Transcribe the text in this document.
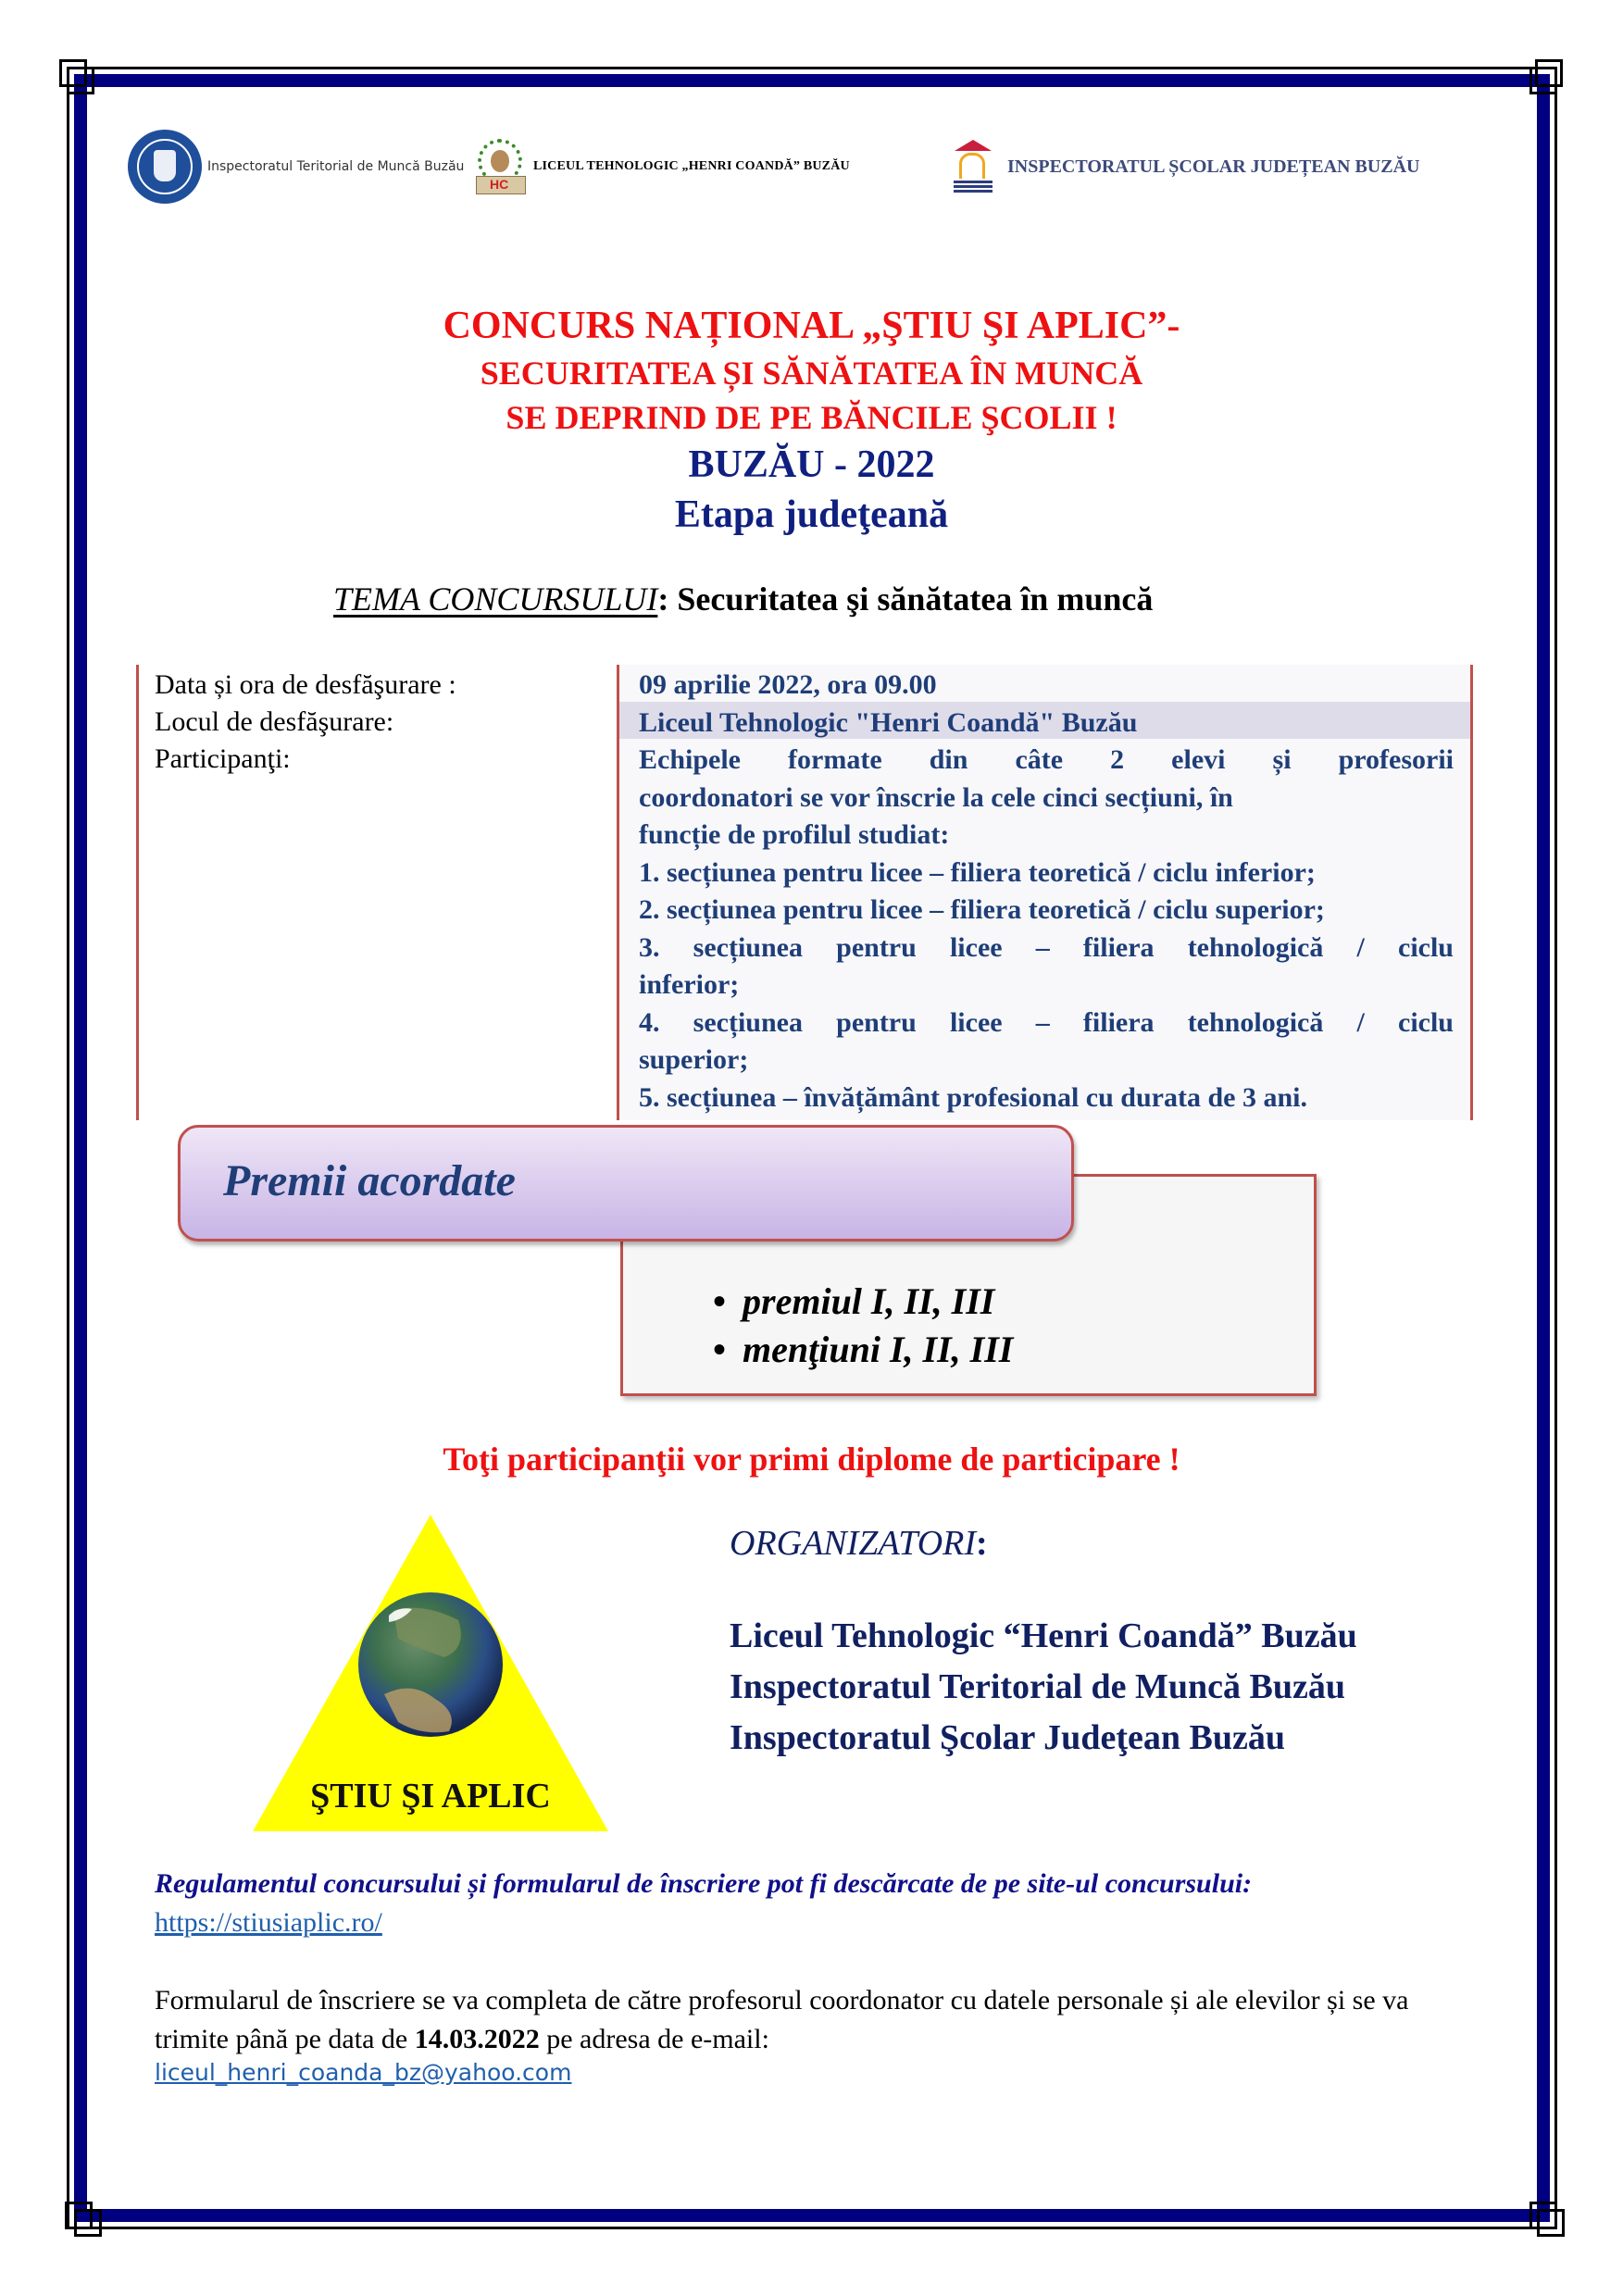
Inspectoratul Teritorial de Muncă Buzău
HC
LICEUL TEHNOLOGIC „HENRI COANDĂ” BUZĂU	INSPECTORATUL ȘCOLAR JUDEȚEAN BUZĂU
CONCURS NAȚIONAL „ŞTIU ŞI APLIC”-
SECURITATEA ȘI SĂNĂTATEA ÎN MUNCĂ
SE DEPRIND DE PE BĂNCILE ŞCOLII !
BUZĂU - 2022
Etapa judeţeană
TEMA CONCURSULUI: Securitatea şi sănătatea în muncă
Data și ora de desfăşurare :
Locul de desfăşurare:
Participanţi:
09 aprilie 2022, ora 09.00
Liceul Tehnologic "Henri Coandă" Buzău
Echipele formate din câte 2 elevi și profesorii
coordonatori se vor înscrie la cele cinci secțiuni, în
funcție de profilul studiat:
1. secțiunea pentru licee – filiera teoretică / ciclu inferior;
2. secțiunea pentru licee – filiera teoretică / ciclu superior;
3. secțiunea pentru licee – filiera tehnologică / ciclu
inferior;
4. secțiunea pentru licee – filiera tehnologică / ciclu
superior;
5. secțiunea – învățământ profesional cu durata de 3 ani.
Premii acordate
• premiul I, II, III
• menţiuni I, II, III
Toţi participanţii vor primi diplome de participare !
ŞTIU ŞI APLIC
ORGANIZATORI:
Liceul Tehnologic “Henri Coandă” Buzău
Inspectoratul Teritorial de Muncă Buzău
Inspectoratul Şcolar Judeţean Buzău
Regulamentul concursului și formularul de înscriere pot fi descărcate de pe site-ul concursului:
https://stiusiaplic.ro/
Formularul de înscriere se va completa de către profesorul coordonator cu datele personale și ale elevilor și se va trimite până pe data de 14.03.2022 pe adresa de e-mail:
liceul_henri_coanda_bz@yahoo.com
